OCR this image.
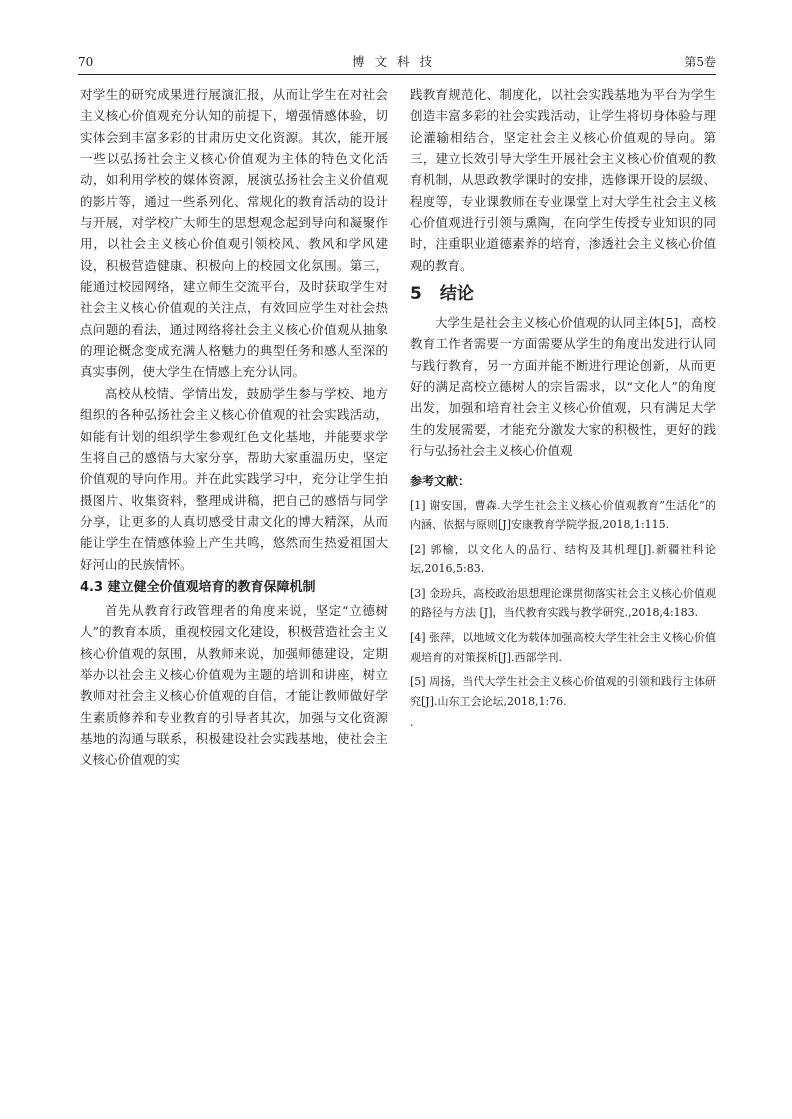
70	博文科技	第5卷

对学生的研究成果进行展演汇报，从而让学生在对社会主义核心价值观充分认知的前提下，增强情感体验，切实体会到丰富多彩的甘肃历史文化资源。其次，能开展一些以弘扬社会主义核心价值观为主体的特色文化活动，如利用学校的媒体资源，展演弘扬社会主义价值观的影片等，通过一些系列化、常规化的教育活动的设计与开展，对学校广大师生的思想观念起到导向和凝聚作用，以社会主义核心价值观引领校风、教风和学风建设，积极营造健康、积极向上的校园文化氛围。第三，能通过校园网络，建立师生交流平台，及时获取学生对社会主义核心价值观的关注点，有效回应学生对社会热点问题的看法，通过网络将社会主义核心价值观从抽象的理论概念变成充满人格魅力的典型任务和感人至深的真实事例，使大学生在情感上充分认同。

高校从校情、学情出发，鼓励学生参与学校、地方组织的各种弘扬社会主义核心价值观的社会实践活动，如能有计划的组织学生参观红色文化基地，并能要求学生将自己的感悟与大家分享，帮助大家重温历史，坚定价值观的导向作用。并在此实践学习中，充分让学生拍摄图片、收集资料，整理成讲稿，把自己的感悟与同学分享，让更多的人真切感受甘肃文化的博大精深，从而能让学生在情感体验上产生共鸣，悠然而生热爱祖国大好河山的民族情怀。

4.3 建立健全价值观培育的教育保障机制

首先从教育行政管理者的角度来说，坚定“立德树人”的教育本质，重视校园文化建设，积极营造社会主义核心价值观的氛围，从教师来说，加强师德建设，定期举办以社会主义核心价值观为主题的培训和讲座，树立教师对社会主义核心价值观的自信，才能让教师做好学生素质修养和专业教育的引导者其次，加强与文化资源基地的沟通与联系，积极建设社会实践基地，使社会主义核心价值观的实

践教育规范化、制度化，以社会实践基地为平台为学生创造丰富多彩的社会实践活动，让学生将切身体验与理论灌输相结合，坚定社会主义核心价值观的导向。第三，建立长效引导大学生开展社会主义核心价值观的教育机制，从思政教学课时的安排，选修课开设的层级、程度等，专业课教师在专业课堂上对大学生社会主义核心价值观进行引领与熏陶，在向学生传授专业知识的同时，注重职业道德素养的培育，渗透社会主义核心价值观的教育。

5 结论

大学生是社会主义核心价值观的认同主体[5]，高校教育工作者需要一方面需要从学生的角度出发进行认同与践行教育，另一方面并能不断进行理论创新，从而更好的满足高校立德树人的宗旨需求，以“文化人”的角度出发，加强和培育社会主义核心价值观，只有满足大学生的发展需要，才能充分激发大家的积极性，更好的践行与弘扬社会主义核心价值观

参考文献：

[1] 谢安国，曹森.大学生社会主义核心价值观教育”生活化”的内涵、依据与原则[J]安康教育学院学报,2018,1:115.

[2] 郭榆，以文化人的品行、结构及其机理[J].新疆社科论坛,2016,5:83.

[3] 金玢兵，高校政治思想理论课贯彻落实社会主义核心价值观的路径与方法 [J]，当代教育实践与教学研究.,2018,4:183.

[4] 张萍，以地域文化为载体加强高校大学生社会主义核心价值观培育的对策探析[J].西部学刊.

[5] 周扬，当代大学生社会主义核心价值观的引领和践行主体研究[J].山东工会论坛,2018,1:76.

.
